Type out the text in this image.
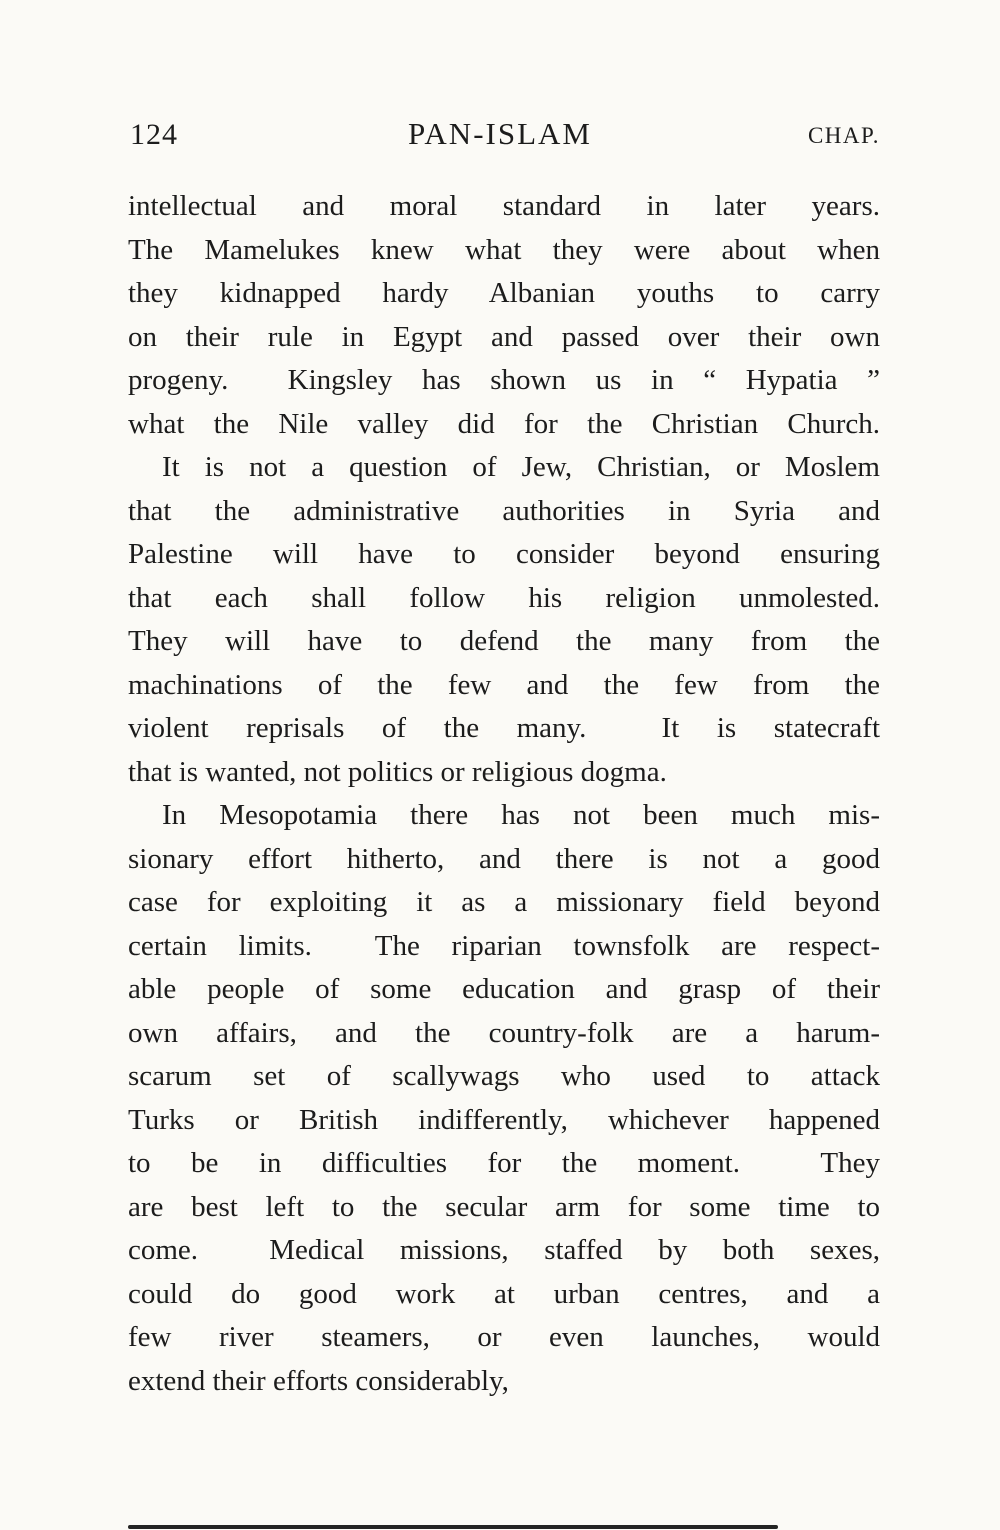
124	PAN-ISLAM	CHAP.
intellectual and moral standard in later years.
The Mamelukes knew what they were about when
they kidnapped hardy Albanian youths to carry
on their rule in Egypt and passed over their own
progeny.  Kingsley has shown us in “ Hypatia ”
what the Nile valley did for the Christian Church.
It is not a question of Jew, Christian, or Moslem
that the administrative authorities in Syria and
Palestine will have to consider beyond ensuring
that each shall follow his religion unmolested.
They will have to defend the many from the
machinations of the few and the few from the
violent reprisals of the many.  It is statecraft
that is wanted, not politics or religious dogma.
In Mesopotamia there has not been much mis-
sionary effort hitherto, and there is not a good
case for exploiting it as a missionary field beyond
certain limits.  The riparian townsfolk are respect-
able people of some education and grasp of their
own affairs, and the country-folk are a harum-
scarum set of scallywags who used to attack
Turks or British indifferently, whichever happened
to be in difficulties for the moment.  They
are best left to the secular arm for some time to
come.  Medical missions, staffed by both sexes,
could do good work at urban centres, and a
few river steamers, or even launches, would
extend their efforts considerably,
